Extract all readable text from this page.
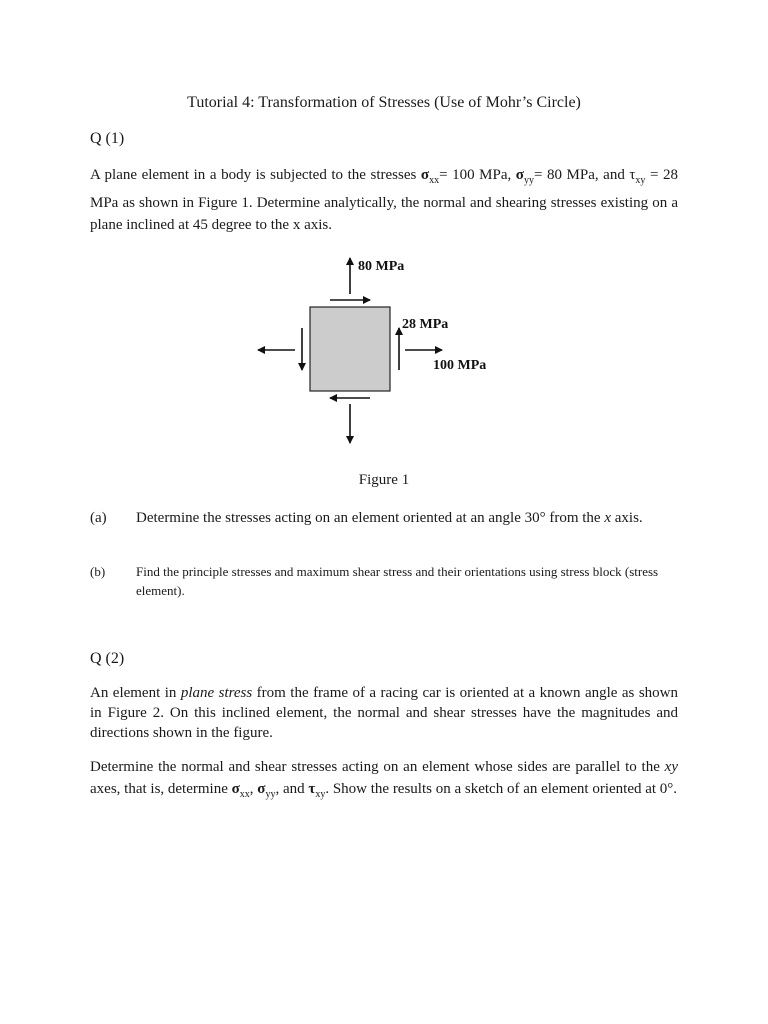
Tutorial 4: Transformation of Stresses (Use of Mohr’s Circle)
Q (1)
A plane element in a body is subjected to the stresses $\sigma_{xx}= 100$ MPa, $\sigma_{yy}= 80$ MPa, and $\tau_{xy} = 28$ MPa as shown in Figure 1. Determine analytically, the normal and shearing stresses existing on a plane inclined at 45 degree to the x axis.
80 MPa
28 MPa
100 MPa
Figure 1
(a) Determine the stresses acting on an element oriented at an angle 30° from the x axis.
(b) Find the principle stresses and maximum shear stress and their orientations using stress block (stress element).
Q (2)
An element in plane stress from the frame of a racing car is oriented at a known angle as shown in Figure 2. On this inclined element, the normal and shear stresses have the magnitudes and directions shown in the figure.
Determine the normal and shear stresses acting on an element whose sides are parallel to the xy axes, that is, determine $\sigma_{xx}$, $\sigma_{yy}$, and $\tau_{xy}$. Show the results on a sketch of an element oriented at 0°.
